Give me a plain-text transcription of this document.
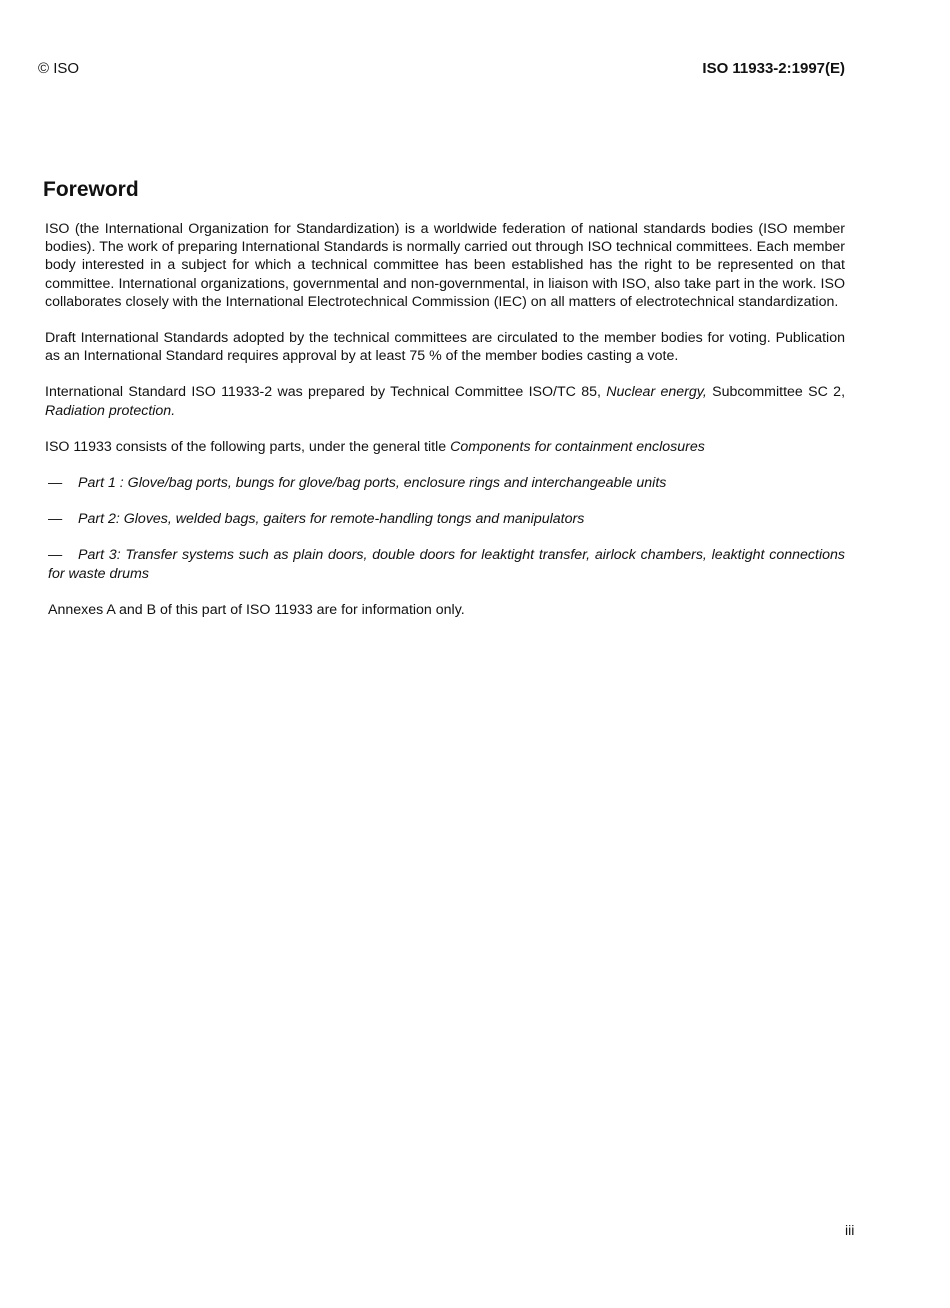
© ISO	ISO 11933-2:1997(E)
Foreword

ISO (the International Organization for Standardization) is a worldwide federation of national standards bodies (ISO member bodies). The work of preparing International Standards is normally carried out through ISO technical committees. Each member body interested in a subject for which a technical committee has been established has the right to be represented on that committee. International organizations, governmental and non-governmental, in liaison with ISO, also take part in the work. ISO collaborates closely with the International Electrotechnical Commission (IEC) on all matters of electrotechnical standardization.

Draft International Standards adopted by the technical committees are circulated to the member bodies for voting. Publication as an International Standard requires approval by at least 75 % of the member bodies casting a vote.

International Standard ISO 11933-2 was prepared by Technical Committee ISO/TC 85, Nuclear energy, Subcommittee SC 2, Radiation protection.

ISO 11933 consists of the following parts, under the general title Components for containment enclosures

— Part 1 : Glove/bag ports, bungs for glove/bag ports, enclosure rings and interchangeable units

— Part 2: Gloves, welded bags, gaiters for remote-handling tongs and manipulators

— Part 3: Transfer systems such as plain doors, double doors for leaktight transfer, airlock chambers, leaktight connections for waste drums

Annexes A and B of this part of ISO 11933 are for information only.

iii
